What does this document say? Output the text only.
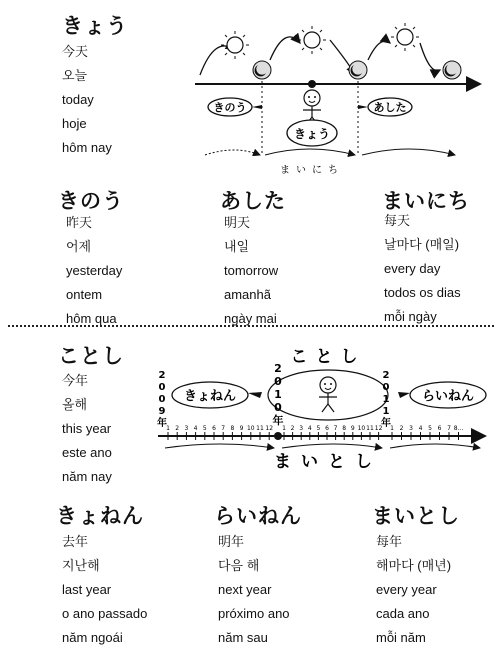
きょう
今天
오늘
today
hoje
hôm nay
きのう
きょう
あした
まいにち
きのう
昨天
어제
yesterday
ontem
hôm qua
あした
明天
내일
tomorrow
amanhã
ngày mai
まいにち
每天
날마다 (매일)
every day
todos os dias
mỗi ngày
ことし
今年
올해
this year
este ano
năm nay
ことし
きょねん	らいねん
2
0
0
9
年
2
0
1
0
年
2
0
1
1
年
1 2 3 4 5 6 7 8 9 10 11 12 1 2 3 4 5 6 7 8 9 10 11 12 1 2 3 4 5 6 7 8...
まいとし
きょねん
去年
지난해
last year
o ano passado
năm ngoái
らいねん
明年
다음 해
next year
próximo ano
năm sau
まいとし
每年
해마다 (매년)
every year
cada ano
mỗi năm
